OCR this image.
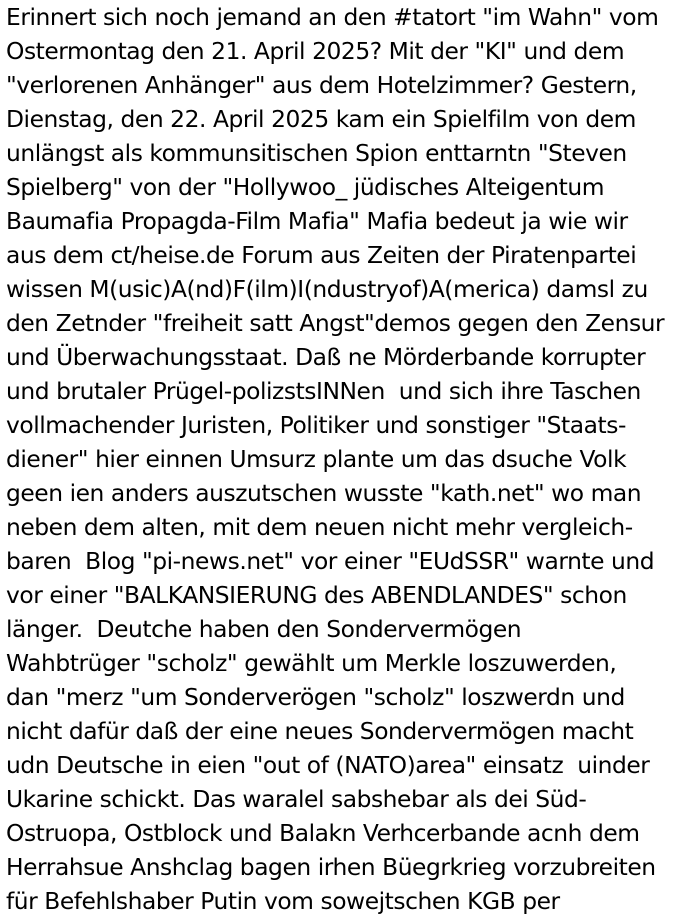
Erinnert sich noch jemand an den #tatort "im Wahn" vom
Ostermontag den 21. April 2025? Mit der "KI" und dem
"verlorenen Anhänger" aus dem Hotelzimmer? Gestern,
Dienstag, den 22. April 2025 kam ein Spielfilm von dem
unlängst als kommunsitischen Spion enttarntn "Steven
Spielberg" von der "Hollywoo_ jüdisches Alteigentum
Baumafia Propagda-Film Mafia" Mafia bedeut ja wie wir
aus dem ct/heise.de Forum aus Zeiten der Piratenpartei
wissen M(usic)A(nd)F(ilm)I(ndustryof)A(merica) damsl zu
den Zetnder "freiheit satt Angst"demos gegen den Zensur
und Überwachungsstaat. Daß ne Mörderbande korrupter
und brutaler Prügel-polizstsINNen  und sich ihre Taschen
vollmachender Juristen, Politiker und sonstiger "Staats-
diener" hier einnen Umsurz plante um das dsuche Volk
geen ien anders auszutschen wusste "kath.net" wo man
neben dem alten, mit dem neuen nicht mehr vergleich-
baren  Blog "pi-news.net" vor einer "EUdSSR" warnte und
vor einer "BALKANSIERUNG des ABENDLANDES" schon
länger.  Deutche haben den Sondervermögen
Wahbtrüger "scholz" gewählt um Merkle loszuwerden,
dan "merz "um Sonderverögen "scholz" loszwerdn und
nicht dafür daß der eine neues Sondervermögen macht
udn Deutsche in eien "out of (NATO)area" einsatz  uinder
Ukarine schickt. Das waralel sabshebar als dei Süd-
Ostruopa, Ostblock und Balakn Verhcerbande acnh dem
Herrahsue Anshclag bagen irhen Büegrkrieg vorzubreiten
für Befehlshaber Putin vom sowejtschen KGB per
